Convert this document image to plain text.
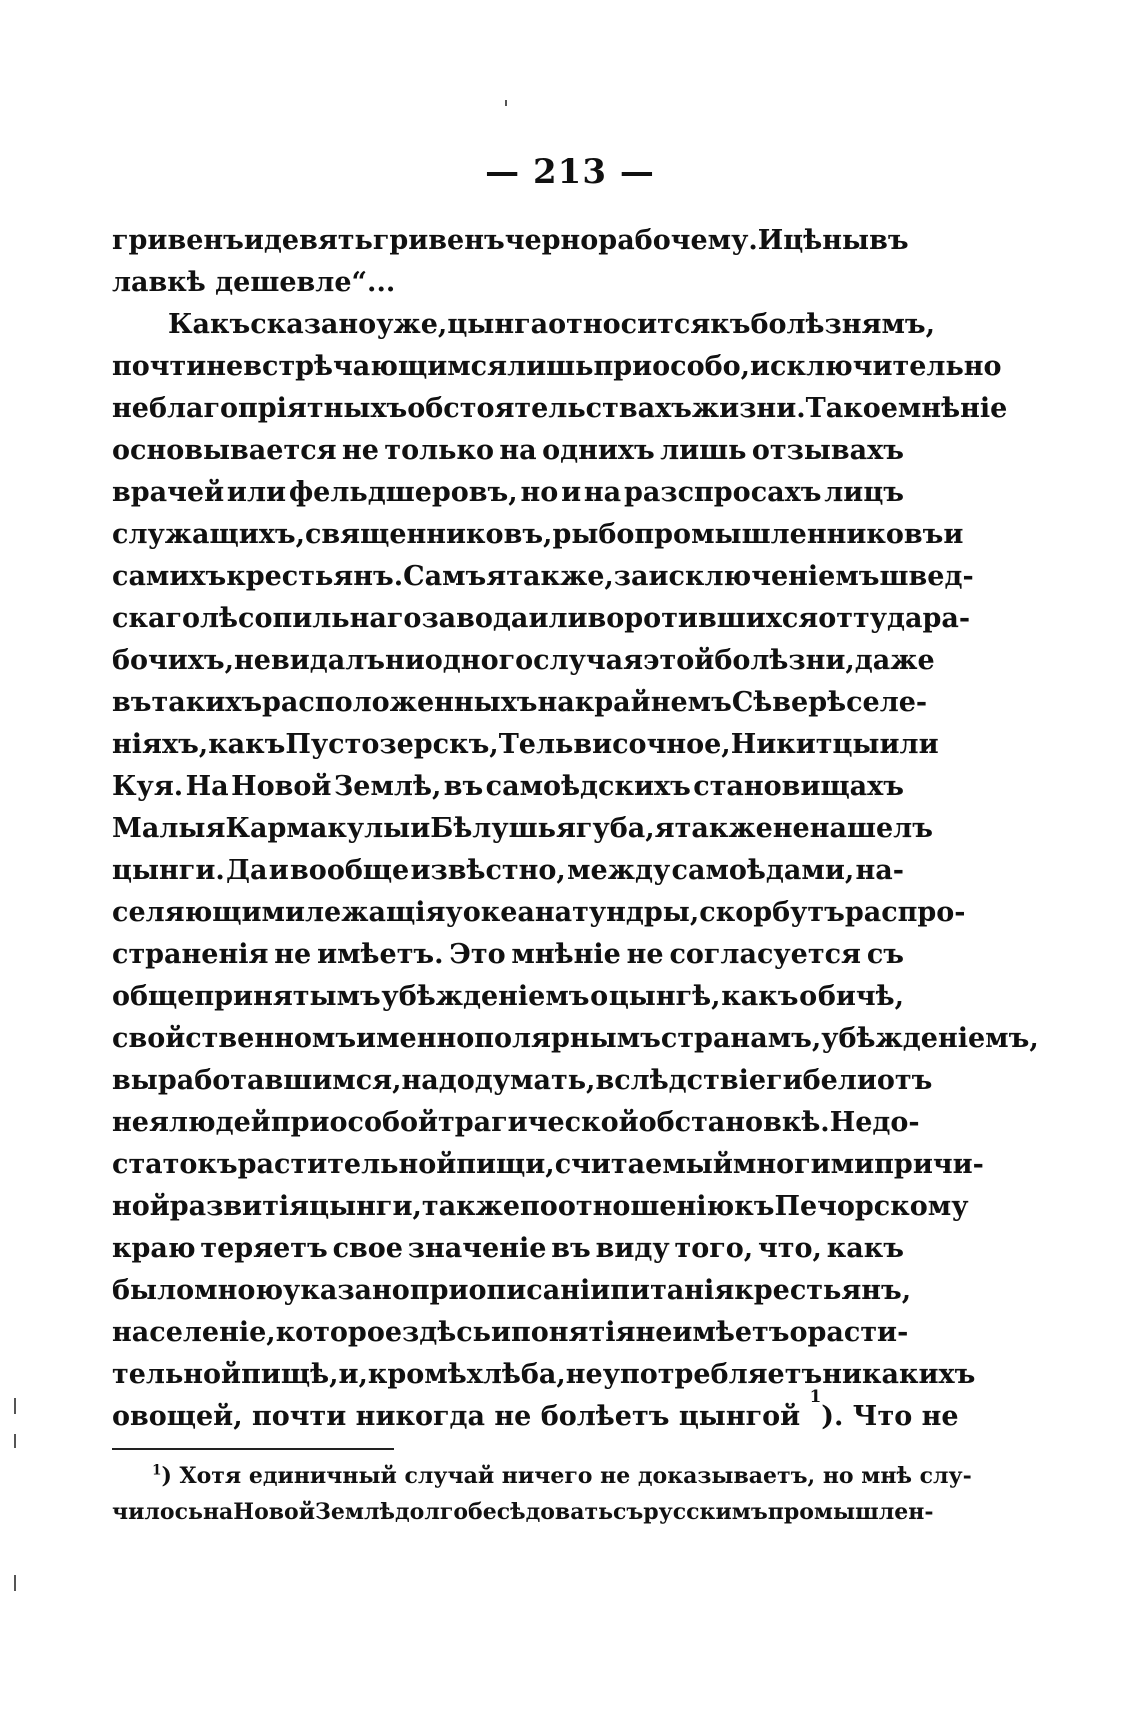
— 213 —
гривенъ и девять гривенъ чернорабочему. И цѣны въ
лавкѣ дешевле“...
Какъ сказано уже, цынга относится къ болѣзнямъ,
почти не встрѣчающимся лишь при особо, исключительно
неблагопріятныхъ обстоятельствахъ жизни. Такое мнѣніе
основывается не только на однихъ лишь отзывахъ
врачей или фельдшеровъ, но и на разспросахъ лицъ
служащихъ, священниковъ, рыбопромышленниковъ и
самихъ крестьянъ. Самъ я также, за исключеніемъ швед-
скаго лѣсопильнаго завода или воротившихся оттуда ра-
бочихъ, не видалъ ни одного случая этой болѣзни, даже
въ такихъ расположенныхъ на крайнемъ Сѣверѣ селе-
ніяхъ, какъ Пустозерскъ, Тельвисочное, Никитцы или
Куя. На Новой Землѣ, въ самоѣдскихъ становищахъ
Малыя Кармакулы и Бѣлушья губа, я также не нашелъ
цынги. Да и вообще извѣстно, между самоѣдами, на-
селяющими лежащія у океана тундры, скорбутъ распро-
страненія не имѣетъ. Это мнѣніе не согласуется съ
общепринятымъ убѣжденіемъ о цынгѣ, какъ о бичѣ,
свойственномъ именно полярнымъ странамъ, убѣжденіемъ,
выработавшимся, надо думать, вслѣдствіе гибели отъ
нея людей при особой трагической обстановкѣ. Недо-
статокъ растительной пищи, считаемый многими причи-
ной развитія цынги, также по отношенію къ Печорскому
краю теряетъ свое значеніе въ виду того, что, какъ
было мною указано при описаніи питанія крестьянъ,
населеніе, которое здѣсь и понятія не имѣетъ о расти-
тельной пищѣ, и, кромѣ хлѣба, не употребляетъ никакихъ
овощей, почти никогда не болѣетъ цынгой

1
). Что не
$^1$) Хотя единичный случай ничего не доказываетъ, но мнѣ слу-
чилось на Новой Землѣ долго бесѣдовать съ русскимъ промышлен-
